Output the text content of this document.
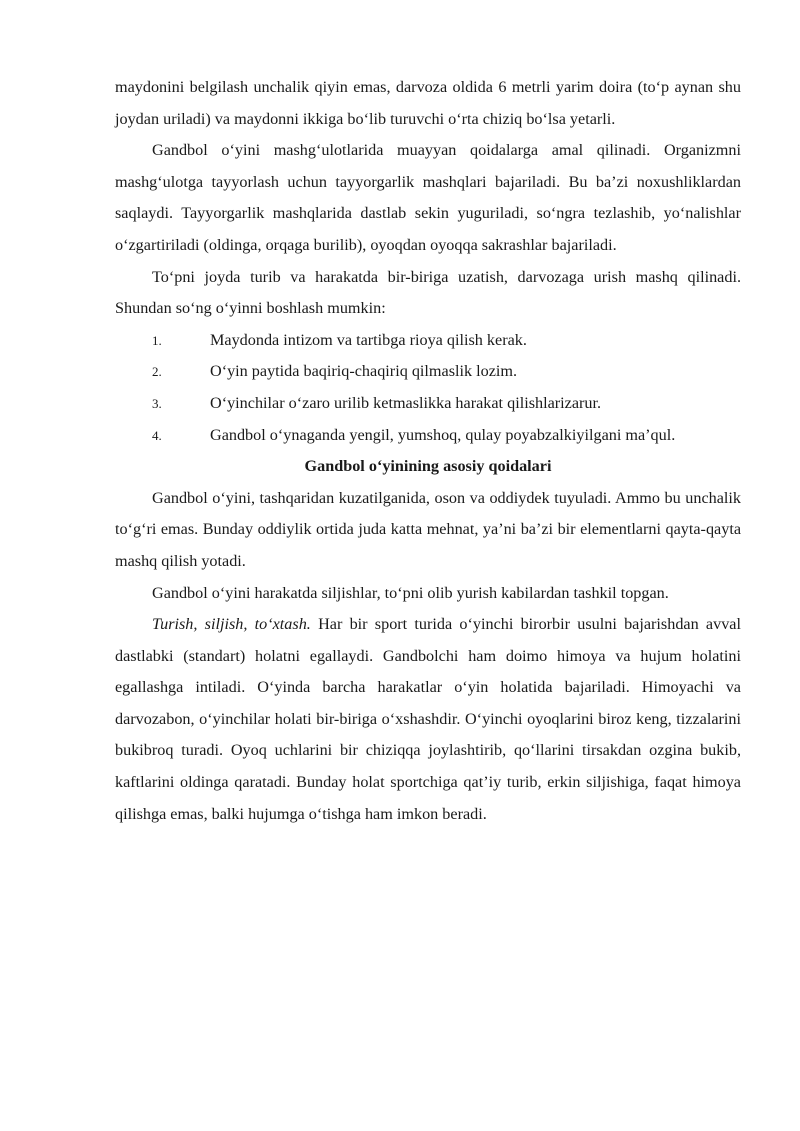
maydonini belgilash unchalik qiyin emas, darvoza oldida 6 metrli yarim doira (to‘p aynan shu joydan uriladi) va maydonni ikkiga bo‘lib turuvchi o‘rta chiziq bo‘lsa yetarli.

Gandbol o‘yini mashg‘ulotlarida muayyan qoidalarga amal qilinadi. Organizmni mashg‘ulotga tayyorlash uchun tayyorgarlik mashqlari bajariladi. Bu ba’zi noxushliklardan saqlaydi. Tayyorgarlik mashqlarida dastlab sekin yuguriladi, so‘ngra tezlashib, yo‘nalishlar o‘zgartiriladi (oldinga, orqaga burilib), oyoqdan oyoqqa sakrashlar bajariladi.

To‘pni joyda turib va harakatda bir-biriga uzatish, darvozaga urish mashq qilinadi. Shundan so‘ng o‘yinni boshlash mumkin:

1.	Maydonda intizom va tartibga rioya qilish kerak.
2.	O‘yin paytida baqiriq-chaqiriq qilmaslik lozim.
3.	O‘yinchilar o‘zaro urilib ketmaslikka harakat qilishlarizarur.

4.	Gandbol o‘ynaganda yengil, yumshoq, qulay poyabzalkiyilgani ma’qul.

Gandbol o‘yinining asosiy qoidalari

Gandbol o‘yini, tashqaridan kuzatilganida, oson va oddiydek tuyuladi. Ammo bu unchalik to‘g‘ri emas. Bunday oddiylik ortida juda katta mehnat, ya’ni ba’zi bir elementlarni qayta-qayta mashq qilish yotadi.

Gandbol o‘yini harakatda siljishlar, to‘pni olib yurish kabilardan tashkil topgan.

Turish, siljish, to‘xtash. Har bir sport turida o‘yinchi birorbir usulni bajarishdan avval dastlabki (standart) holatni egallaydi. Gandbolchi ham doimo himoya va hujum holatini egallashga intiladi. O‘yinda barcha harakatlar o‘yin holatida bajariladi. Himoyachi va darvozabon, o‘yinchilar holati bir-biriga o‘xshashdir. O‘yinchi oyoqlarini biroz keng, tizzalarini bukibroq turadi. Oyoq uchlarini bir chiziqqa joylashtirib, qo‘llarini tirsakdan ozgina bukib, kaftlarini oldinga qaratadi. Bunday holat sportchiga qat’iy turib, erkin siljishiga, faqat himoya qilishga emas, balki hujumga o‘tishga ham imkon beradi.
